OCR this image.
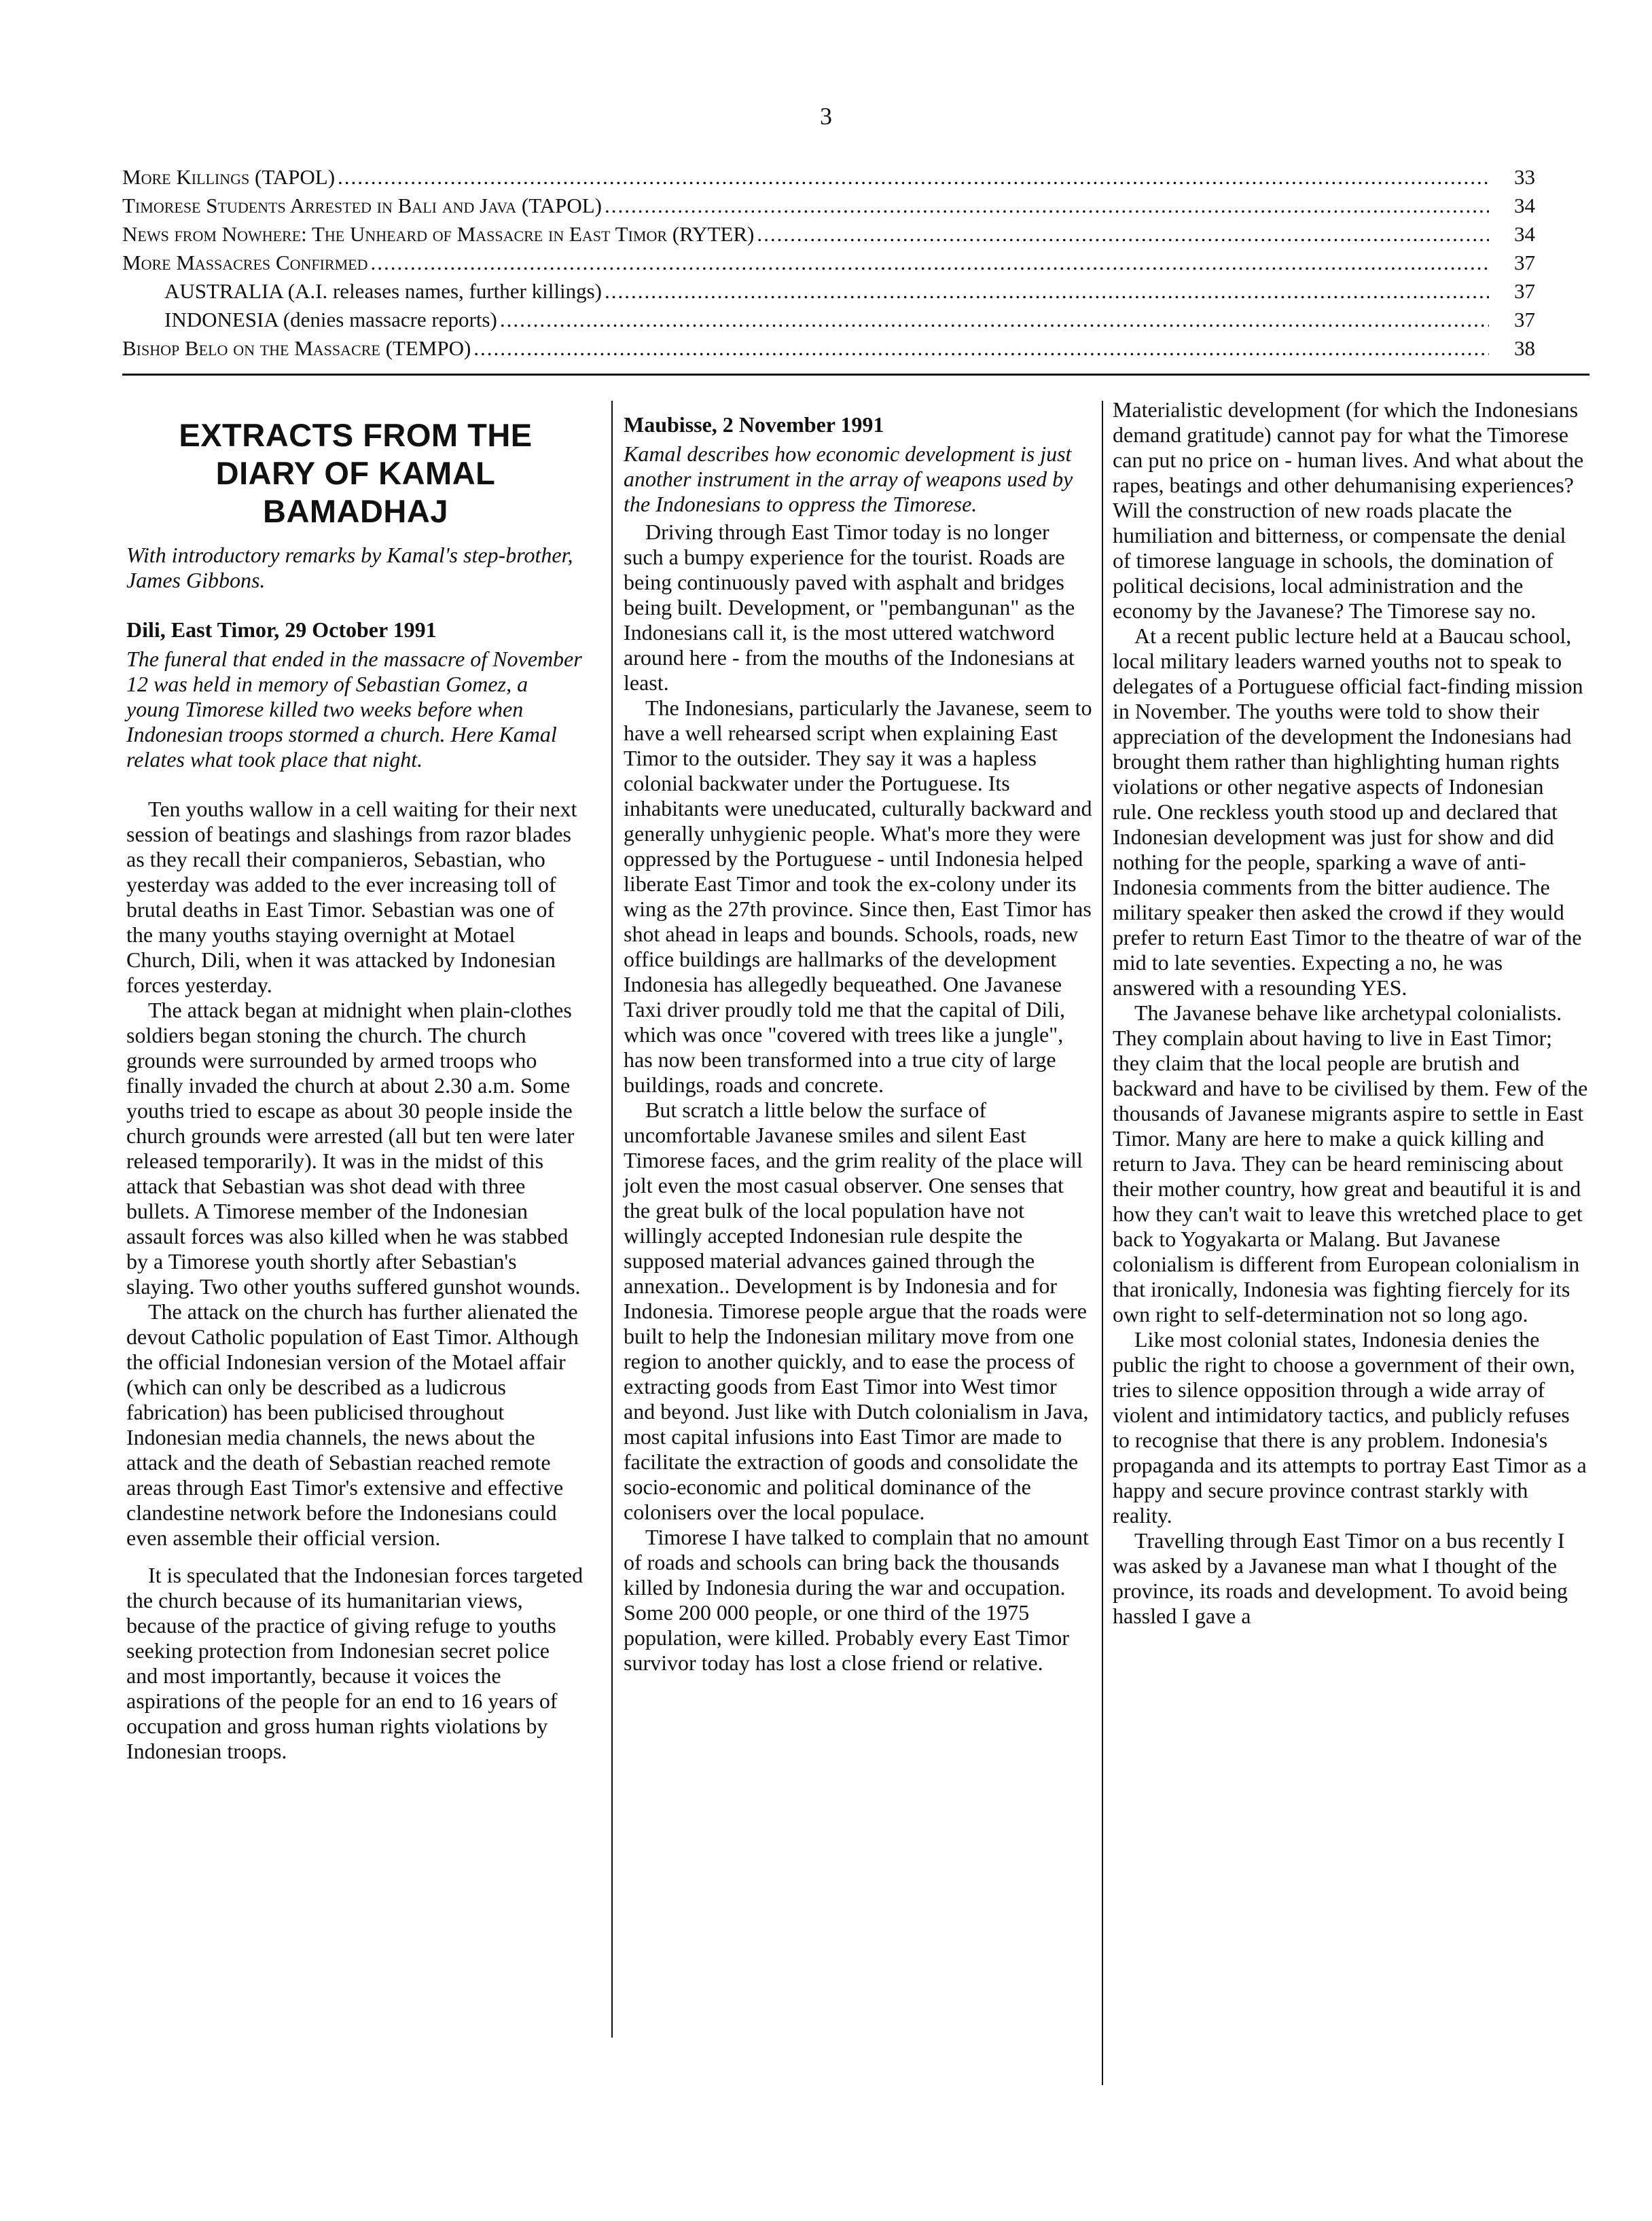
3
More Killings (TAPOL) .....	33
Timorese Students Arrested in Bali and Java (TAPOL) .....	34
News from Nowhere: The Unheard of Massacre in East Timor (RYTER) .....	34
More Massacres Confirmed .....	37
AUSTRALIA (A.I. releases names, further killings) .....	37
INDONESIA (denies massacre reports) .....	37
Bishop Belo on the Massacre (TEMPO) .....	38
EXTRACTS FROM THE DIARY OF KAMAL BAMADHAJ
With introductory remarks by Kamal's step-brother, James Gibbons.
Dili, East Timor, 29 October 1991
The funeral that ended in the massacre of November 12 was held in memory of Sebastian Gomez, a young Timorese killed two weeks before when Indonesian troops stormed a church. Here Kamal relates what took place that night.

Ten youths wallow in a cell waiting for their next session of beatings and slashings from razor blades as they recall their companieros, Sebastian, who yesterday was added to the ever increasing toll of brutal deaths in East Timor. Sebastian was one of the many youths staying overnight at Motael Church, Dili, when it was attacked by Indonesian forces yesterday.

The attack began at midnight when plain-clothes soldiers began stoning the church. The church grounds were surrounded by armed troops who finally invaded the church at about 2.30 a.m. Some youths tried to escape as about 30 people inside the church grounds were arrested (all but ten were later released temporarily). It was in the midst of this attack that Sebastian was shot dead with three bullets. A Timorese member of the Indonesian assault forces was also killed when he was stabbed by a Timorese youth shortly after Sebastian's slaying. Two other youths suffered gunshot wounds.

The attack on the church has further alienated the devout Catholic population of East Timor. Although the official Indonesian version of the Motael affair (which can only be described as a ludicrous fabrication) has been publicised throughout Indonesian media channels, the news about the attack and the death of Sebastian reached remote areas through East Timor's extensive and effective clandestine network before the Indonesians could even assemble their official version.

It is speculated that the Indonesian forces targeted the church because of its humanitarian views, because of the practice of giving refuge to youths seeking protection from Indonesian secret police and most importantly, because it voices the aspirations of the people for an end to 16 years of occupation and gross human rights violations by Indonesian troops.

Maubisse, 2 November 1991
Kamal describes how economic development is just another instrument in the array of weapons used by the Indonesians to oppress the Timorese.

Driving through East Timor today is no longer such a bumpy experience for the tourist. Roads are being continuously paved with asphalt and bridges being built. Development, or "pembangunan" as the Indonesians call it, is the most uttered watchword around here - from the mouths of the Indonesians at least.

The Indonesians, particularly the Javanese, seem to have a well rehearsed script when explaining East Timor to the outsider. They say it was a hapless colonial backwater under the Portuguese. Its inhabitants were uneducated, culturally backward and generally unhygienic people. What's more they were oppressed by the Portuguese - until Indonesia helped liberate East Timor and took the ex-colony under its wing as the 27th province. Since then, East Timor has shot ahead in leaps and bounds. Schools, roads, new office buildings are hallmarks of the development Indonesia has allegedly bequeathed. One Javanese Taxi driver proudly told me that the capital of Dili, which was once "covered with trees like a jungle", has now been transformed into a true city of large buildings, roads and concrete.

But scratch a little below the surface of uncomfortable Javanese smiles and silent East Timorese faces, and the grim reality of the place will jolt even the most casual observer. One senses that the great bulk of the local population have not willingly accepted Indonesian rule despite the supposed material advances gained through the annexation.. Development is by Indonesia and for Indonesia. Timorese people argue that the roads were built to help the Indonesian military move from one region to another quickly, and to ease the process of extracting goods from East Timor into West timor and beyond. Just like with Dutch colonialism in Java, most capital infusions into East Timor are made to facilitate the extraction of goods and consolidate the socio-economic and political dominance of the colonisers over the local populace.

Timorese I have talked to complain that no amount of roads and schools can bring back the thousands killed by Indonesia during the war and occupation. Some 200 000 people, or one third of the 1975 population, were killed. Probably every East Timor survivor today has lost a close friend or relative.

Materialistic development (for which the Indonesians demand gratitude) cannot pay for what the Timorese can put no price on - human lives. And what about the rapes, beatings and other dehumanising experiences? Will the construction of new roads placate the humiliation and bitterness, or compensate the denial of timorese language in schools, the domination of political decisions, local administration and the economy by the Javanese? The Timorese say no.

At a recent public lecture held at a Baucau school, local military leaders warned youths not to speak to delegates of a Portuguese official fact-finding mission in November. The youths were told to show their appreciation of the development the Indonesians had brought them rather than highlighting human rights violations or other negative aspects of Indonesian rule. One reckless youth stood up and declared that Indonesian development was just for show and did nothing for the people, sparking a wave of anti-Indonesia comments from the bitter audience. The military speaker then asked the crowd if they would prefer to return East Timor to the theatre of war of the mid to late seventies. Expecting a no, he was answered with a resounding YES.

The Javanese behave like archetypal colonialists. They complain about having to live in East Timor; they claim that the local people are brutish and backward and have to be civilised by them. Few of the thousands of Javanese migrants aspire to settle in East Timor. Many are here to make a quick killing and return to Java. They can be heard reminiscing about their mother country, how great and beautiful it is and how they can't wait to leave this wretched place to get back to Yogyakarta or Malang. But Javanese colonialism is different from European colonialism in that ironically, Indonesia was fighting fiercely for its own right to self-determination not so long ago.

Like most colonial states, Indonesia denies the public the right to choose a government of their own, tries to silence opposition through a wide array of violent and intimidatory tactics, and publicly refuses to recognise that there is any problem. Indonesia's propaganda and its attempts to portray East Timor as a happy and secure province contrast starkly with reality.

Travelling through East Timor on a bus recently I was asked by a Javanese man what I thought of the province, its roads and development. To avoid being hassled I gave a
